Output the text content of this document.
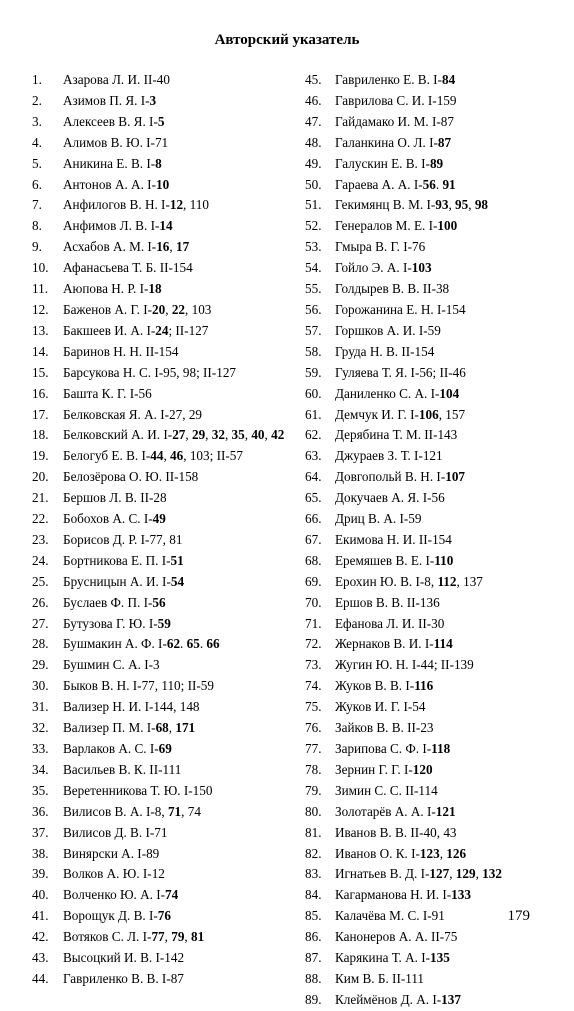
Авторский указатель
1.	Азарова Л. И. II-40
2.	Азимов П. Я. I-3
3.	Алексеев В. Я. I-5
4.	Алимов В. Ю. I-71
5.	Аникина Е. В. I-8
6.	Антонов А. А. I-10
7.	Анфилогов В. Н. I-12, 110
8.	Анфимов Л. В. I-14
9.	Асхабов А. М. I-16, 17
10.	Афанасьева Т. Б. II-154
11.	Аюпова Н. Р. I-18
12.	Баженов А. Г. I-20, 22, 103
13.	Бакшеев И. А. I-24; II-127
14.	Баринов Н. Н. II-154
15.	Барсукова Н. С. I-95, 98; II-127
16.	Башта К. Г. I-56
17.	Белковская Я. А. I-27, 29
18.	Белковский А. И. I-27, 29, 32, 35, 40, 42
19.	Белогуб Е. В. I-44, 46, 103; II-57
20.	Белозёрова О. Ю. II-158
21.	Бершов Л. В. II-28
22.	Бобохов А. С. I-49
23.	Борисов Д. Р. I-77, 81
24.	Бортникова Е. П. I-51
25.	Брусницын А. И. I-54
26.	Буслаев Ф. П. I-56
27.	Бутузова Г. Ю. I-59
28.	Бушмакин А. Ф. I-62. 65. 66
29.	Бушмин С. А. I-3
30.	Быков В. Н. I-77, 110; II-59
31.	Вализер Н. И. I-144, 148
32.	Вализер П. М. I-68, 171
33.	Варлаков А. С. I-69
34.	Васильев В. К. II-111
35.	Веретенникова Т. Ю. I-150
36.	Вилисов В. А. I-8, 71, 74
37.	Вилисов Д. В. I-71
38.	Винярски А. I-89
39.	Волков А. Ю. I-12
40.	Волченко Ю. А. I-74
41.	Ворощук Д. В. I-76
42.	Вотяков С. Л. I-77, 79, 81
43.	Высоцкий И. В. I-142
44.	Гавриленко В. В. I-87
45.	Гавриленко Е. В. I-84
46.	Гаврилова С. И. I-159
47.	Гайдамако И. М. I-87
48.	Галанкина О. Л. I-87
49.	Галускин Е. В. I-89
50.	Гараева А. А. I-56. 91
51.	Гекимянц В. М. I-93, 95, 98
52.	Генералов М. Е. I-100
53.	Гмыра В. Г. I-76
54.	Гойло Э. А. I-103
55.	Голдырев В. В. II-38
56.	Горожанина Е. Н. I-154
57.	Горшков А. И. I-59
58.	Груда Н. В. II-154
59.	Гуляева Т. Я. I-56; II-46
60.	Даниленко С. А. I-104
61.	Демчук И. Г. I-106, 157
62.	Дерябина Т. М. II-143
63.	Джураев З. Т. I-121
64.	Довгопольй В. Н. I-107
65.	Докучаев А. Я. I-56
66.	Дриц В. А. I-59
67.	Екимова Н. И. II-154
68.	Еремяшев В. Е. I-110
69.	Ерохин Ю. В. I-8, 112, 137
70.	Ершов В. В. II-136
71.	Ефанова Л. И. II-30
72.	Жернаков В. И. I-114
73.	Жугин Ю. Н. I-44; II-139
74.	Жуков В. В. I-116
75.	Жуков И. Г. I-54
76.	Зайков В. В. II-23
77.	Зарипова С. Ф. I-118
78.	Зернин Г. Г. I-120
79.	Зимин С. С. II-114
80.	Золотарёв А. А. I-121
81.	Иванов В. В. II-40, 43
82.	Иванов О. К. I-123, 126
83.	Игнатьев В. Д. I-127, 129, 132
84.	Кагарманова Н. И. I-133
85.	Калачёва М. С. I-91
86.	Канонеров А. А. II-75
87.	Карякина Т. А. I-135
88.	Ким В. Б. II-111
89.	Клеймёнов Д. А. I-137
179
